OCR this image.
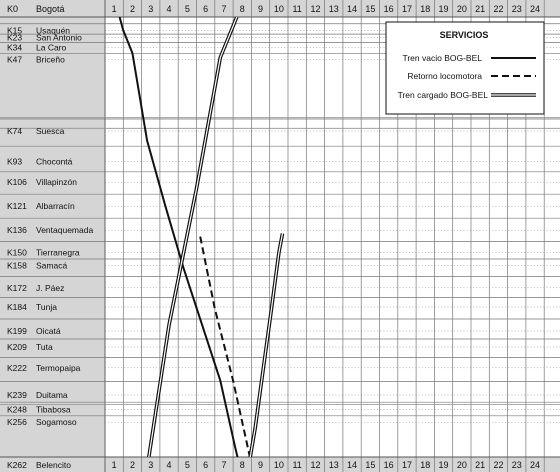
1
1
2
2
3
3
4
4
5
5
6
6
7
7
8
8
9
9
10
10
11
11
12
12
13
13
14
14
15
15
16
16
17
17
18
18
19
19
20
20
21
21
22
22
23
23
24
24
K15 Usaquén
K23 San Antonio
K34 La Caro
K47 Briceño
K74 Suesca
K93 Chocontá
K106 Villapinzón
K121 Albarracín
K136 Ventaquemada
K150 Tierranegra
K158 Samacá
K172 J. Páez
K184 Tunja
K199 Oicatá
K209 Tuta
K222 Termopaipa
K239 Duitama
K248 Tibabosa
K256 Sogamoso
SERVICIOS
Tren vacio BOG-BEL
Retorno locomotora
Tren cargado BOG-BEL
K0 Bogotá
K262 Belencito
